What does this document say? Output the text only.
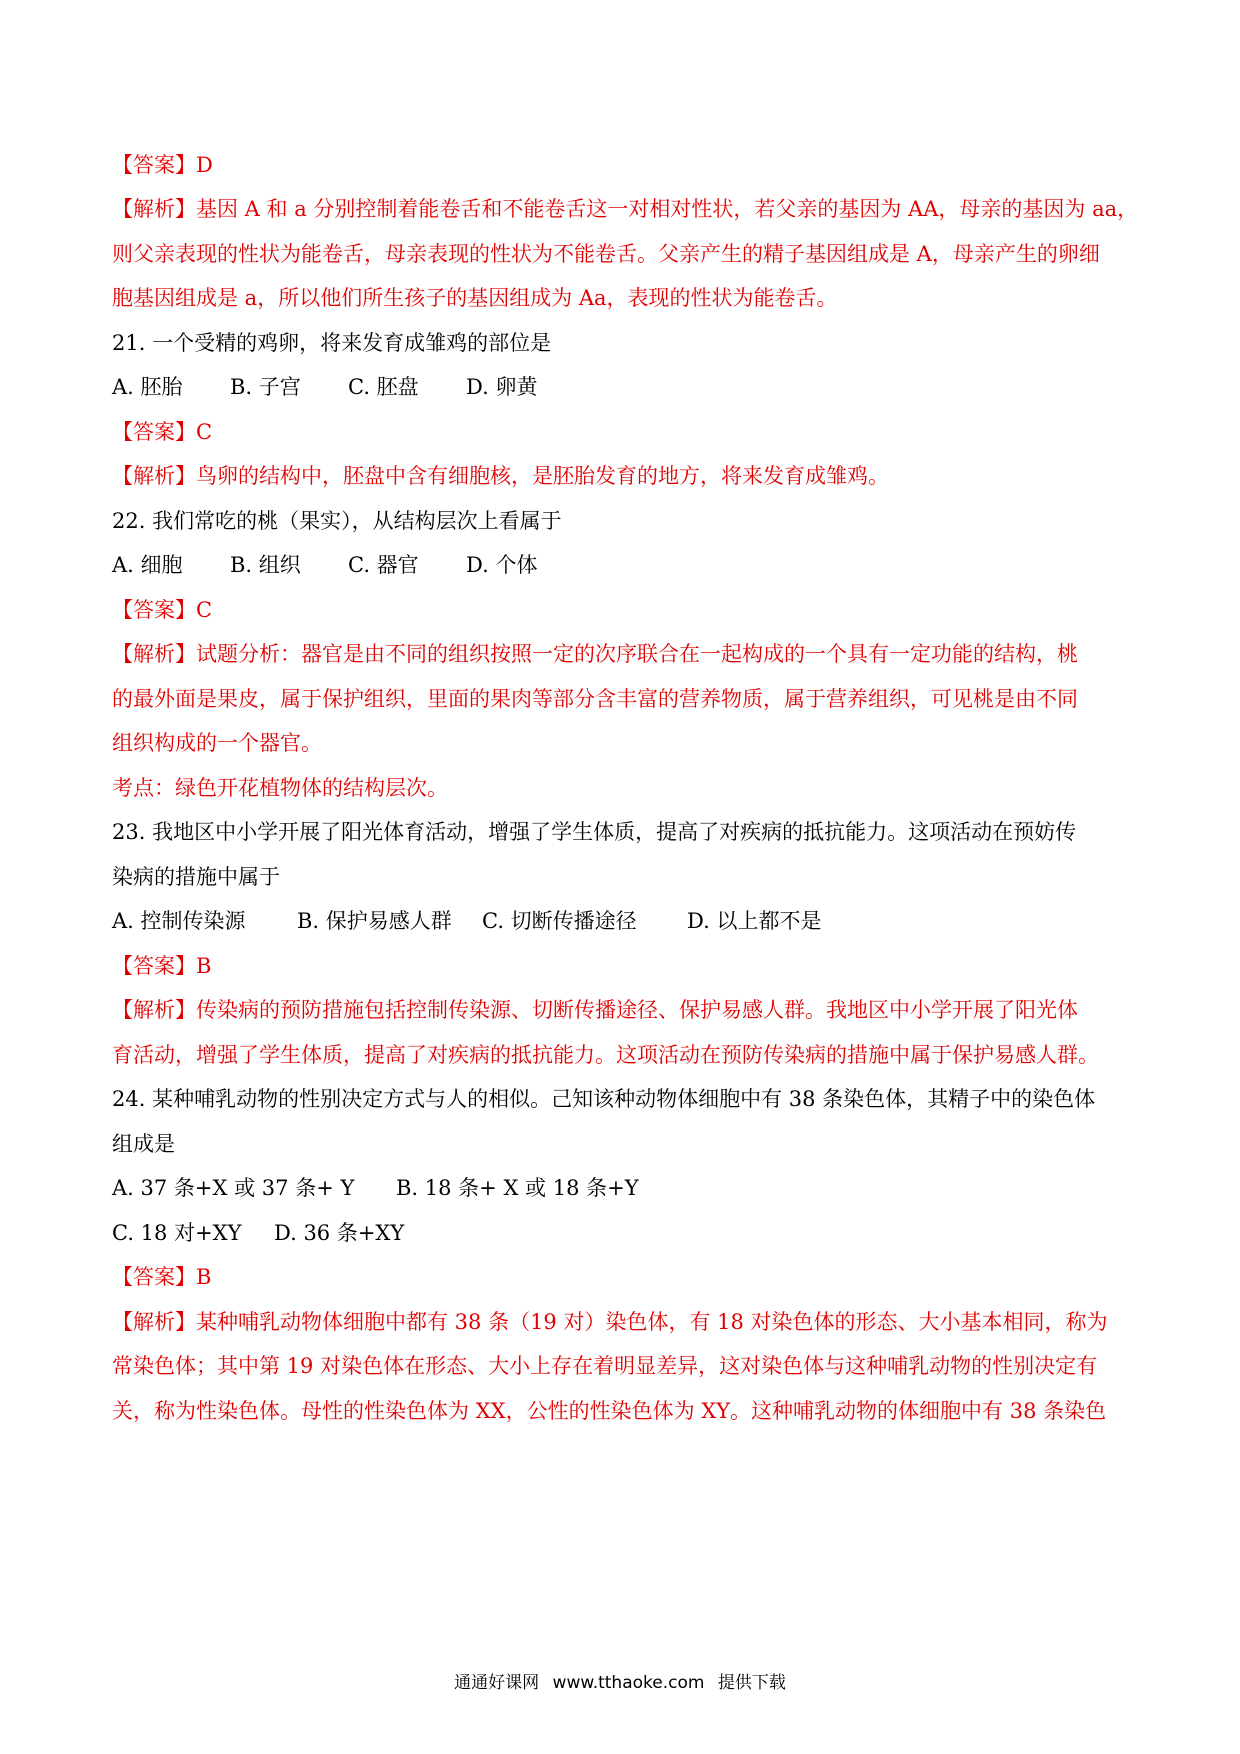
【答案】D
【解析】基因 A 和 a 分别控制着能卷舌和不能卷舌这一对相对性状，若父亲的基因为 AA，母亲的基因为 aa，
则父亲表现的性状为能卷舌，母亲表现的性状为不能卷舌。父亲产生的精子基因组成是 A，母亲产生的卵细
胞基因组成是 a，所以他们所生孩子的基因组成为 Aa，表现的性状为能卷舌。
21. 一个受精的鸡卵，将来发育成雏鸡的部位是
A. 胚胎 B. 子宫 C. 胚盘 D. 卵黄
【答案】C
【解析】鸟卵的结构中，胚盘中含有细胞核，是胚胎发育的地方，将来发育成雏鸡。
22. 我们常吃的桃（果实），从结构层次上看属于
A. 细胞 B. 组织 C. 器官 D. 个体
【答案】C
【解析】试题分析：器官是由不同的组织按照一定的次序联合在一起构成的一个具有一定功能的结构，桃
的最外面是果皮，属于保护组织，里面的果肉等部分含丰富的营养物质，属于营养组织，可见桃是由不同
组织构成的一个器官。
考点：绿色开花植物体的结构层次。
23. 我地区中小学开展了阳光体育活动，增强了学生体质，提高了对疾病的抵抗能力。这项活动在预妨传
染病的措施中属于
A. 控制传染源 B. 保护易感人群 C. 切断传播途径 D. 以上都不是
【答案】B
【解析】传染病的预防措施包括控制传染源、切断传播途径、保护易感人群。我地区中小学开展了阳光体
育活动，增强了学生体质，提高了对疾病的抵抗能力。这项活动在预防传染病的措施中属于保护易感人群。
24. 某种哺乳动物的性别决定方式与人的相似。己知该种动物体细胞中有 38 条染色体，其精子中的染色体
组成是
A. 37 条+X 或 37 条+ Y B. 18 条+ X 或 18 条+Y
C. 18 对+XY D. 36 条+XY
【答案】B
【解析】某种哺乳动物体细胞中都有 38 条（19 对）染色体，有 18 对染色体的形态、大小基本相同，称为
常染色体；其中第 19 对染色体在形态、大小上存在着明显差异，这对染色体与这种哺乳动物的性别决定有
关，称为性染色体。母性的性染色体为 XX，公性的性染色体为 XY。这种哺乳动物的体细胞中有 38 条染色
通通好课网 www.tthaoke.com 提供下载
